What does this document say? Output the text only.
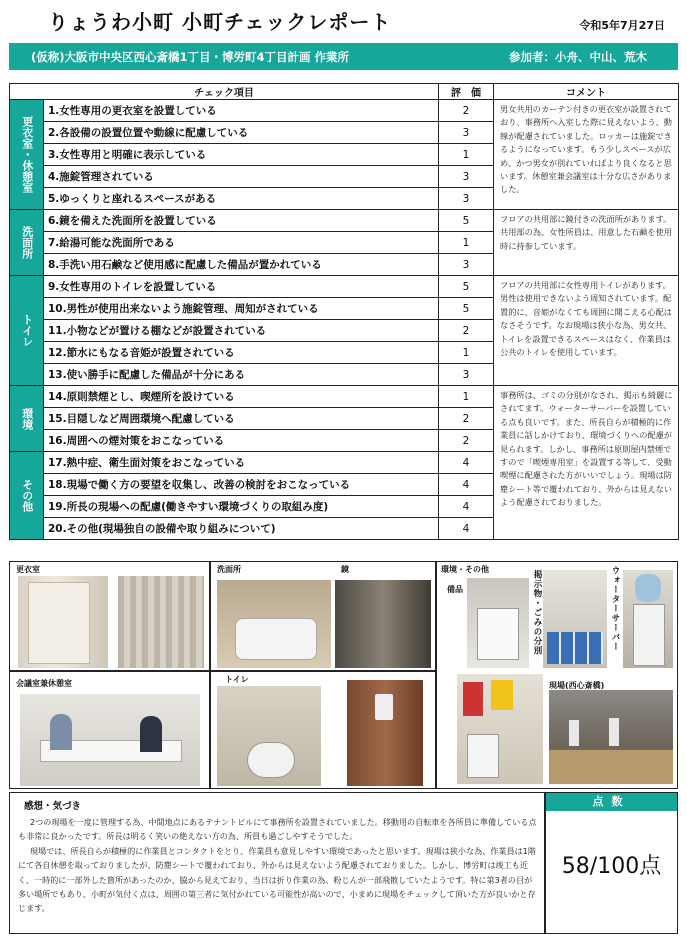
りょうわ小町 小町チェックレポート	令和5年7月27日
(仮称)大阪市中央区西心斎橋1丁目・博労町4丁目計画 作業所	参加者：小舟、中山、荒木
チェック項目		評　価	コメント
更衣室・休憩室	1.女性専用の更衣室を設置している	2	男女共用のカーテン付きの更衣室が設置されており、事務所へ入室した際に見えないよう、動線が配慮されていました。ロッカーは施錠できるようになっています。もう少しスペースが広め、かつ男女が別れていればより良くなると思います。休憩室兼会議室は十分な広さがありました。
	2.各設備の設置位置や動線に配慮している	3	
	3.女性専用と明確に表示している	1	
	4.施錠管理されている	3	
	5.ゆっくりと座れるスペースがある	3	
洗面所	6.鏡を備えた洗面所を設置している	5	フロアの共用部に鏡付きの洗面所があります。共用部の為、女性所員は、用意した石鹸を使用時に持参しています。
	7.給湯可能な洗面所である	1	
	8.手洗い用石鹸など使用感に配慮した備品が置かれている	3	
トイレ	9.女性専用のトイレを設置している	5	フロアの共用部に女性専用トイレがあります。男性は使用できないよう周知されています。配置的に、音姫がなくても周囲に聞こえる心配はなさそうです。なお現場は狭小な為、男女共、トイレを設置できるスペースはなく、作業員は公共のトイレを使用しています。
	10.男性が使用出来ないよう施錠管理、周知がされている	5	
	11.小物などが置ける棚などが設置されている	2	
	12.節水にもなる音姫が設置されている	1	
	13.使い勝手に配慮した備品が十分にある	3	
環境	14.原則禁煙とし、喫煙所を設けている	1	事務所は、ゴミの分別がなされ、掲示も綺麗にされてます。ウォーターサーバーを設置している点も良いです。また、所長自らが積極的に作業員に話しかけており、環境づくりへの配慮が見られます。しかし、事務所は原則屋内禁煙ですので「喫煙専用室」を設置する等して、受動喫煙に配慮された方がいいでしょう。現場は防塵シート等で覆われており、外からは見えないよう配慮されておりました。
	15.目隠しなど周囲環境へ配慮している	2	
	16.周囲への煙対策をおこなっている	2	
その他	17.熱中症、衛生面対策をおこなっている	4	
	18.現場で働く方の要望を収集し、改善の検討をおこなっている	4	
	19.所長の現場への配慮(働きやすい環境づくりの取組み度)	4	
	20.その他(現場独自の設備や取り組みについて)	4	
更衣室	洗面所	鏡	環境・その他
備品	掲示物・ごみの分別	ウォーターサーバー
現場(西心斎橋)
会議室兼休憩室	トイレ
感想・気づき

2つの現場を一度に管理する為、中間地点にあるテナントビルにて事務所を設置されていました。移動用の自転車を各所員に準備している点も非常に良かったです。所長は明るく笑いの絶えない方の為、所員も過ごしやすそうでした。

現場では、所長自らが積極的に作業員とコンタクトをとり、作業員も意見しやすい環境であったと思います。現場は狭小な為、作業員は1階にて各自休憩を取っておりましたが、防塵シートで覆われており、外からは見えないよう配慮されておりました。しかし、博労町は竣工も近く、一時的に一部外した箇所があったのか、脇から見えており、当日は折り作業の為、粉じんが一部飛散していたようです。特に第3者の目が多い場所でもあり、小町が気付く点は、周囲の第三者に気付かれている可能性が高いので、小まめに現場をチェックして頂いた方が良いかと存じます。

点数
58/100点
